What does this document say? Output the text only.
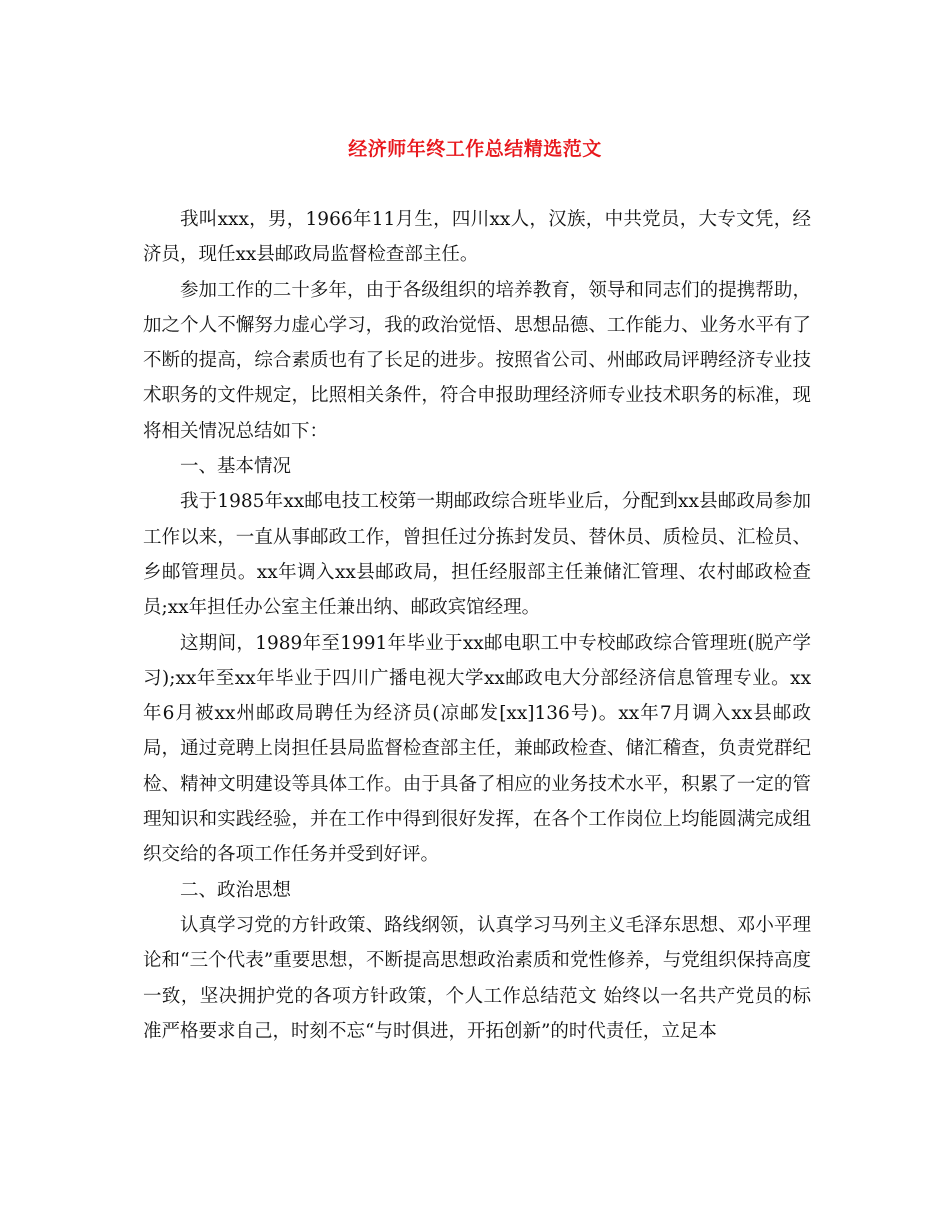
经济师年终工作总结精选范文

我叫xxx，男，1966年11月生，四川xx人，汉族，中共党员，大专文凭，经济员，现任xx县邮政局监督检查部主任。

参加工作的二十多年，由于各级组织的培养教育，领导和同志们的提携帮助，加之个人不懈努力虚心学习，我的政治觉悟、思想品德、工作能力、业务水平有了不断的提高，综合素质也有了长足的进步。按照省公司、州邮政局评聘经济专业技术职务的文件规定，比照相关条件，符合申报助理经济师专业技术职务的标准，现将相关情况总结如下：

一、基本情况

我于1985年xx邮电技工校第一期邮政综合班毕业后，分配到xx县邮政局参加工作以来，一直从事邮政工作，曾担任过分拣封发员、替休员、质检员、汇检员、乡邮管理员。xx年调入xx县邮政局，担任经服部主任兼储汇管理、农村邮政检查员;xx年担任办公室主任兼出纳、邮政宾馆经理。

这期间，1989年至1991年毕业于xx邮电职工中专校邮政综合管理班(脱产学习);xx年至xx年毕业于四川广播电视大学xx邮政电大分部经济信息管理专业。xx年6月被xx州邮政局聘任为经济员(凉邮发[xx]136号)。xx年7月调入xx县邮政局，通过竞聘上岗担任县局监督检查部主任，兼邮政检查、储汇稽查，负责党群纪检、精神文明建设等具体工作。由于具备了相应的业务技术水平，积累了一定的管理知识和实践经验，并在工作中得到很好发挥，在各个工作岗位上均能圆满完成组织交给的各项工作任务并受到好评。

二、政治思想

认真学习党的方针政策、路线纲领，认真学习马列主义毛泽东思想、邓小平理论和“三个代表”重要思想，不断提高思想政治素质和党性修养，与党组织保持高度一致，坚决拥护党的各项方针政策，个人工作总结范文 始终以一名共产党员的标准严格要求自己，时刻不忘“与时俱进，开拓创新”的时代责任，立足本
